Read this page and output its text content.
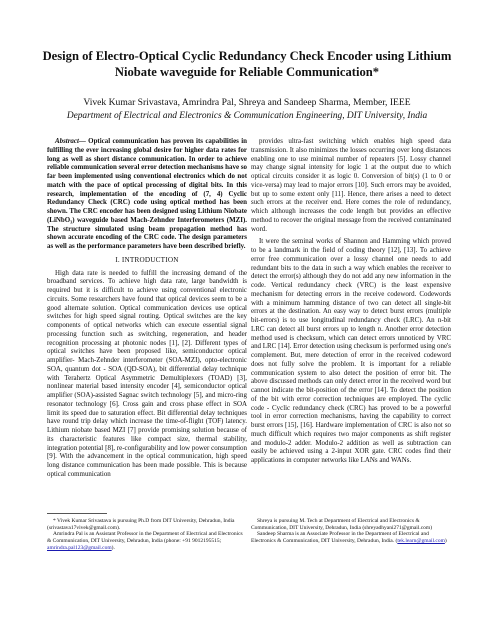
Design of Electro-Optical Cyclic Redundancy Check Encoder using Lithium Niobate waveguide for Reliable Communication*
Vivek Kumar Srivastava, Amrindra Pal, Shreya and Sandeep Sharma, Member, IEEE
Department of Electrical and Electronics & Communication Engineering, DIT University, India

Abstract— Optical communication has proven its capabilities in fulfilling the ever increasing global desire for higher data rates for long as well as short distance communication. In order to achieve reliable communication several error detection mechanisms have so far been implemented using conventional electronics which do not match with the pace of optical processing of digital bits. In this research, implementation of the encoding of (7, 4) Cyclic Redundancy Check (CRC) code using optical method has been shown. The CRC encoder has been designed using Lithium Niobate (LiNbO₃) waveguide based Mach-Zehnder Interferometers (MZI). The structure simulated using beam propagation method has shown accurate encoding of the CRC code. The design parameters as well as the performance parameters have been described briefly.

I. INTRODUCTION

High data rate is needed to fulfill the increasing demand of the broadband services. To achieve high data rate, large bandwidth is required but it is difficult to achieve using conventional electronic circuits. Some researchers have found that optical devices seem to be a good alternate solution. Optical communication devices use optical switches for high speed signal routing. Optical switches are the key components of optical networks which can execute essential signal processing function such as switching, regeneration, and header recognition processing at photonic nodes [1], [2]. Different types of optical switches have been proposed like, semiconductor optical amplifier- Mach-Zehnder interferometer (SOA-MZI), opto-electronic SOA, quantum dot - SOA (QD-SOA), bit differential delay technique with Terahertz Optical Asymmetric Demultiplexers (TOAD) [3], nonlinear material based intensity encoder [4], semiconductor optical amplifier (SOA)-assisted Sagnac switch technology [5], and micro-ring resonator technology [6]. Cross gain and cross phase effect in SOA limit its speed due to saturation effect. Bit differential delay techniques have round trip delay which increase the time-of-flight (TOF) latency. Lithium niobate based MZI [7] provide promising solution because of its characteristic features like compact size, thermal stability, integration potential [8], re-configurability and low power consumption [9]. With the advancement in the optical communication, high speed long distance communication has been made possible. This is because optical communication

provides ultra-fast switching which enables high speed data transmission. It also minimizes the losses occurring over long distances enabling one to use minimal number of repeaters [5]. Lossy channel may change signal intensity for logic 1 at the output due to which optical circuits consider it as logic 0. Conversion of bit(s) (1 to 0 or vice-versa) may lead to major errors [10]. Such errors may be avoided, but up to some extent only [11]. Hence, there arises a need to detect such errors at the receiver end. Here comes the role of redundancy, which although increases the code length but provides an effective method to recover the original message from the received contaminated word.

It were the seminal works of Shannon and Hamming which proved to be a landmark in the field of coding theory [12], [13]. To achieve error free communication over a lossy channel one needs to add redundant bits to the data in such a way which enables the receiver to detect the error(s) although they do not add any new information in the code. Vertical redundancy check (VRC) is the least expensive mechanism for detecting errors in the receive codeword. Codewords with a minimum hamming distance of two can detect all single-bit errors at the destination. An easy way to detect burst errors (multiple bit-errors) is to use longitudinal redundancy check (LRC). An n-bit LRC can detect all burst errors up to length n. Another error detection method used is checksum, which can detect errors unnoticed by VRC and LRC [14]. Error detection using checksum is performed using one's complement. But, mere detection of error in the received codeword does not fully solve the problem. It is important for a reliable communication system to also detect the position of error bit. The above discussed methods can only detect error in the received word but cannot indicate the bit-position of the error [14]. To detect the position of the bit with error correction techniques are employed. The cyclic code - Cyclic redundancy check (CRC) has proved to be a powerful tool in error correction mechanisms, having the capability to correct burst errors [15], [16]. Hardware implementation of CRC is also not so much difficult which requires two major components as shift register and modulo-2 adder. Modulo-2 addition as well as subtraction can easily be achieved using a 2-input XOR gate. CRC codes find their applications in computer networks like LANs and WANs.

* Vivek Kumar Srivastava is pursuing Ph.D from DIT University, Dehradun, India (srivastava17vivek@gmail.com).

Amrindra Pal is an Assistant Professor in the Department of Electrical and Electronics & Communication, DIT University, Dehradun, India (phone: +91 9012195515; amrindra.pal123@gmail.com).

Shreya is pursuing M. Tech at Department of Electrical and Electronics & Communication, DIT University, Dehradun, India (shreyadhyani271@gmail.com)

Sandeep Sharma is an Associate Professor in the Department of Electrical and Electronics & Communication, DIT University, Dehradun, India. (tek.learn@gmail.com)
